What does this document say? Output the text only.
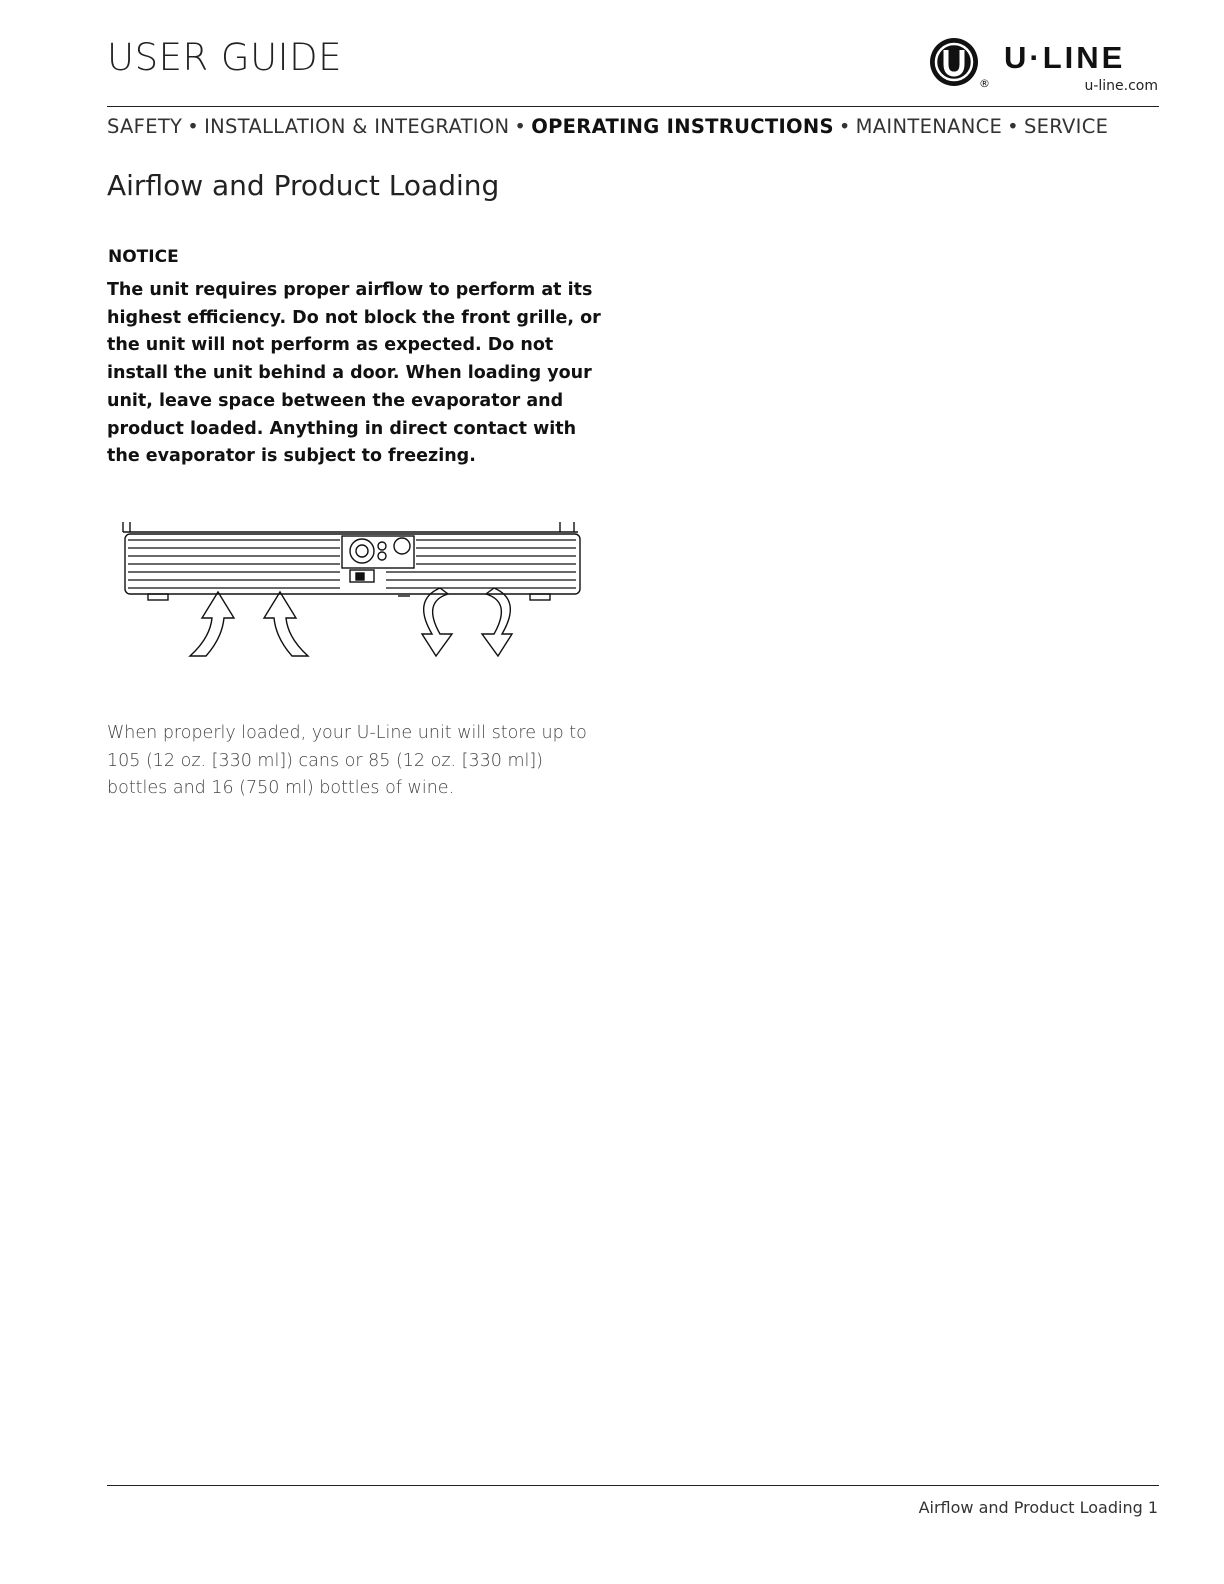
USER GUIDE
®
U·LINE
u-line.com
SAFETY • INSTALLATION & INTEGRATION • OPERATING INSTRUCTIONS • MAINTENANCE • SERVICE
Airflow and Product Loading
NOTICE
The unit requires proper airflow to perform at its highest efficiency. Do not block the front grille, or the unit will not perform as expected. Do not install the unit behind a door. When loading your unit, leave space between the evaporator and product loaded. Anything in direct contact with the evaporator is subject to freezing.
When properly loaded, your U-Line unit will store up to 105 (12 oz. [330 ml]) cans or 85 (12 oz. [330 ml]) bottles and 16 (750 ml) bottles of wine.
Airflow and Product Loading 1
